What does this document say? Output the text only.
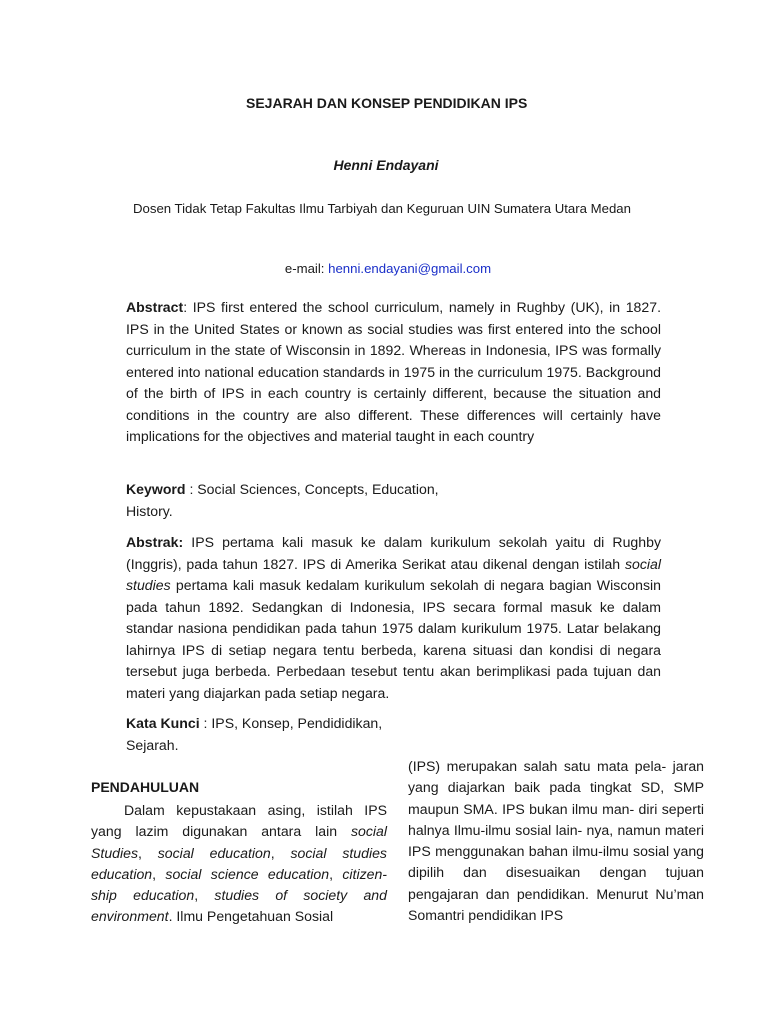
SEJARAH DAN KONSEP PENDIDIKAN IPS
Henni Endayani
Dosen Tidak Tetap Fakultas Ilmu Tarbiyah dan Keguruan UIN Sumatera Utara Medan
e-mail: henni.endayani@gmail.com

Abstract: IPS first entered the school curriculum, namely in Rughby (UK), in 1827. IPS in the United States or known as social studies was first entered into the school curriculum in the state of Wisconsin in 1892. Whereas in Indonesia, IPS was formally entered into national education standards in 1975 in the curriculum 1975. Background of the birth of IPS in each country is certainly different, because the situation and conditions in the country are also different. These differences will certainly have implications for the objectives and material taught in each country

Keyword : Social Sciences, Concepts, Education, History.

Abstrak: IPS pertama kali masuk ke dalam kurikulum sekolah yaitu di Rughby (Inggris), pada tahun 1827. IPS di Amerika Serikat atau dikenal dengan istilah social studies pertama kali masuk kedalam kurikulum sekolah di negara bagian Wisconsin pada tahun 1892. Sedangkan di Indonesia, IPS secara formal masuk ke dalam standar nasiona pendidikan pada tahun 1975 dalam kurikulum 1975. Latar belakang lahirnya IPS di setiap negara tentu berbeda, karena situasi dan kondisi di negara tersebut juga berbeda. Perbedaan tesebut tentu akan berimplikasi pada tujuan dan materi yang diajarkan pada setiap negara.

Kata Kunci : IPS, Konsep, Pendididikan, Sejarah.

PENDAHULUAN

Dalam kepustakaan asing, istilah IPS yang lazim digunakan antara lain social Studies, social education, social studies education, social science education, citizen- ship education, studies of society and environment. Ilmu Pengetahuan Sosial

(IPS) merupakan salah satu mata pela- jaran yang diajarkan baik pada tingkat SD, SMP maupun SMA. IPS bukan ilmu man- diri seperti halnya Ilmu-ilmu sosial lain- nya, namun materi IPS menggunakan bahan ilmu-ilmu sosial yang dipilih dan disesuaikan dengan tujuan pengajaran dan pendidikan. Menurut Nu’man Somantri pendidikan IPS
